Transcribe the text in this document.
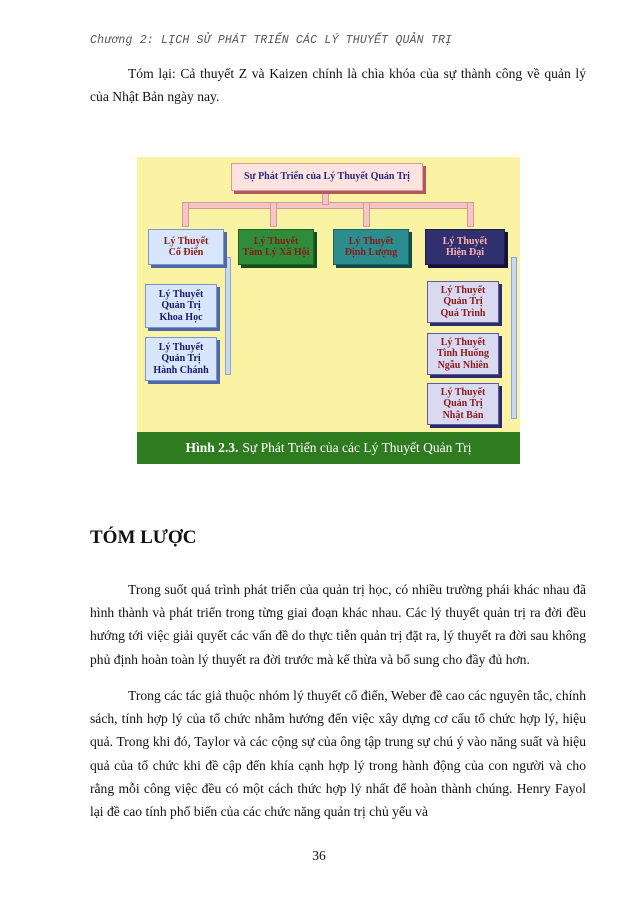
Chương 2: LỊCH SỬ PHÁT TRIỂN CÁC LÝ THUYẾT QUẢN TRỊ

Tóm lại: Cả thuyết Z và Kaizen chính là chìa khóa của sự thành công về quản lý của Nhật Bản ngày nay.

Sự Phát Triển của Lý Thuyết Quản Trị
Lý Thuyết
Cổ Điển
Lý Thuyết
Tâm Lý Xã Hội
Lý Thuyết
Định Lượng
Lý Thuyết
Hiện Đại
Lý Thuyết
Quản Trị
Khoa Học
Lý Thuyết
Quản Trị
Hành Chánh
Lý Thuyết
Quản Trị
Quá Trình
Lý Thuyết
Tình Huống
Ngẫu Nhiên
Lý Thuyết
Quản Trị
Nhật Bản
Hình 2.3. Sự Phát Triển của các Lý Thuyết Quản Trị
TÓM LƯỢC

Trong suốt quá trình phát triển của quản trị học, có nhiều trường phái khác nhau đã hình thành và phát triển trong từng giai đoạn khác nhau. Các lý thuyết quản trị ra đời đều hướng tới việc giải quyết các vấn đề do thực tiễn quản trị đặt ra, lý thuyết ra đời sau không phủ định hoàn toàn lý thuyết ra đời trước mà kế thừa và bổ sung cho đầy đủ hơn.

Trong các tác giả thuộc nhóm lý thuyết cổ điển, Weber đề cao các nguyên tắc, chính sách, tính hợp lý của tổ chức nhằm hướng đến việc xây dựng cơ cấu tổ chức hợp lý, hiệu quả. Trong khi đó, Taylor và các cộng sự của ông tập trung sự chú ý vào năng suất và hiệu quả của tổ chức khi đề cập đến khía cạnh hợp lý trong hành động của con người và cho rằng mỗi công việc đều có một cách thức hợp lý nhất để hoàn thành chúng. Henry Fayol lại đề cao tính phổ biến của các chức năng quản trị chủ yếu và

36
